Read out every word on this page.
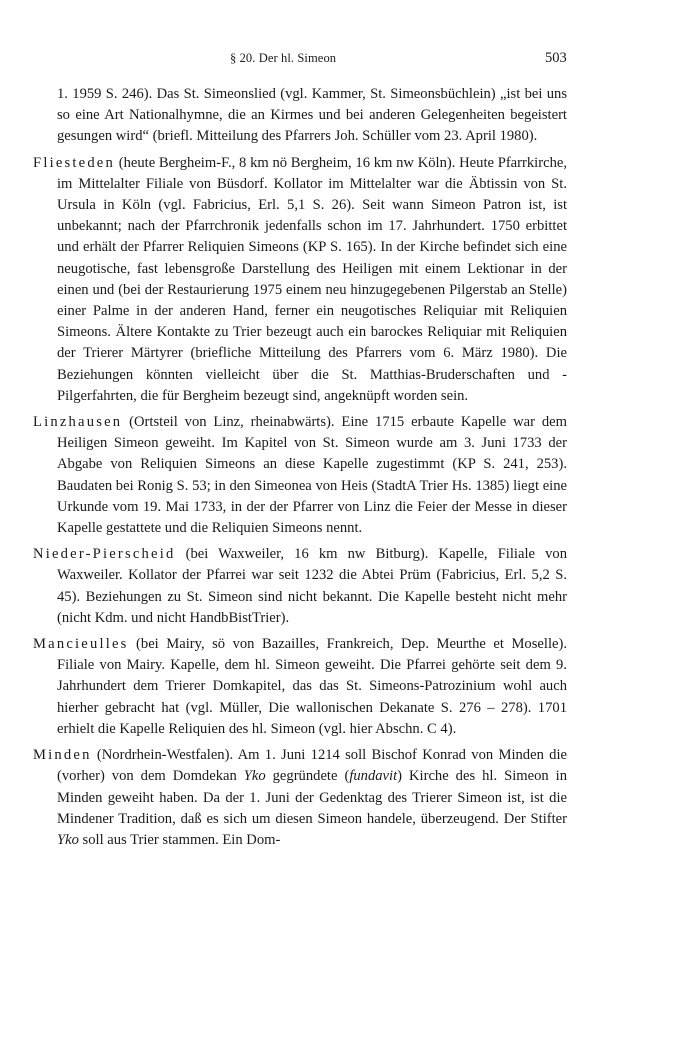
§ 20. Der hl. Simeon	503

1. 1959 S. 246). Das St. Simeonslied (vgl. Kammer, St. Simeonsbüchlein) „ist bei uns so eine Art Nationalhymne, die an Kirmes und bei anderen Gelegenheiten begeistert gesungen wird“ (briefl. Mitteilung des Pfarrers Joh. Schüller vom 23. April 1980).

Fliesteden (heute Bergheim-F., 8 km nö Bergheim, 16 km nw Köln). Heute Pfarrkirche, im Mittelalter Filiale von Büsdorf. Kollator im Mittelalter war die Äbtissin von St. Ursula in Köln (vgl. Fabricius, Erl. 5,1 S. 26). Seit wann Simeon Patron ist, ist unbekannt; nach der Pfarrchronik jedenfalls schon im 17. Jahrhundert. 1750 erbittet und erhält der Pfarrer Reliquien Simeons (KP S. 165). In der Kirche befindet sich eine neugotische, fast lebensgroße Darstellung des Heiligen mit einem Lektionar in der einen und (bei der Restaurierung 1975 einem neu hinzugegebenen Pilgerstab an Stelle) einer Palme in der anderen Hand, ferner ein neugotisches Reliquiar mit Reliquien Simeons. Ältere Kontakte zu Trier bezeugt auch ein barockes Reliquiar mit Reliquien der Trierer Märtyrer (briefliche Mitteilung des Pfarrers vom 6. März 1980). Die Beziehungen könnten vielleicht über die St. Matthias-Bruderschaften und -Pilgerfahrten, die für Bergheim bezeugt sind, angeknüpft worden sein.

Linzhausen (Ortsteil von Linz, rheinabwärts). Eine 1715 erbaute Kapelle war dem Heiligen Simeon geweiht. Im Kapitel von St. Simeon wurde am 3. Juni 1733 der Abgabe von Reliquien Simeons an diese Kapelle zugestimmt (KP S. 241, 253). Baudaten bei Ronig S. 53; in den Simeonea von Heis (StadtA Trier Hs. 1385) liegt eine Urkunde vom 19. Mai 1733, in der der Pfarrer von Linz die Feier der Messe in dieser Kapelle gestattete und die Reliquien Simeons nennt.

Nieder-Pierscheid (bei Waxweiler, 16 km nw Bitburg). Kapelle, Filiale von Waxweiler. Kollator der Pfarrei war seit 1232 die Abtei Prüm (Fabricius, Erl. 5,2 S. 45). Beziehungen zu St. Simeon sind nicht bekannt. Die Kapelle besteht nicht mehr (nicht Kdm. und nicht HandbBistTrier).

Mancieulles (bei Mairy, sö von Bazailles, Frankreich, Dep. Meurthe et Moselle). Filiale von Mairy. Kapelle, dem hl. Simeon geweiht. Die Pfarrei gehörte seit dem 9. Jahrhundert dem Trierer Domkapitel, das das St. Simeons-Patrozinium wohl auch hierher gebracht hat (vgl. Müller, Die wallonischen Dekanate S. 276 – 278). 1701 erhielt die Kapelle Reliquien des hl. Simeon (vgl. hier Abschn. C 4).

Minden (Nordrhein-Westfalen). Am 1. Juni 1214 soll Bischof Konrad von Minden die (vorher) von dem Domdekan Yko gegründete (fundavit) Kirche des hl. Simeon in Minden geweiht haben. Da der 1. Juni der Gedenktag des Trierer Simeon ist, ist die Mindener Tradition, daß es sich um diesen Simeon handele, überzeugend. Der Stifter Yko soll aus Trier stammen. Ein Dom-
